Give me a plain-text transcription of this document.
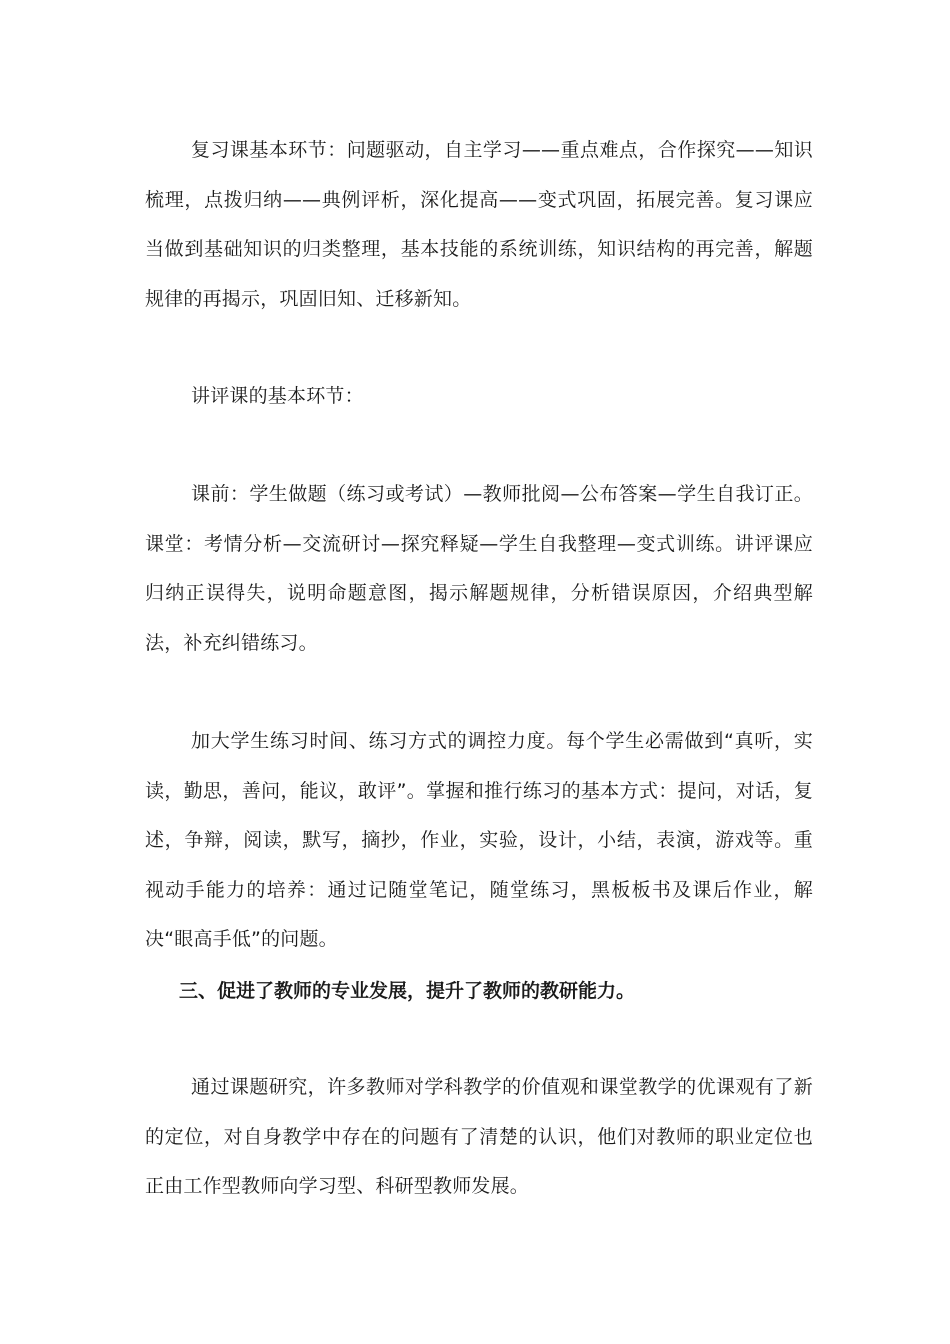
复习课基本环节：问题驱动，自主学习——重点难点，合作探究——知识梳理，点拨归纳——典例评析，深化提高——变式巩固，拓展完善。复习课应当做到基础知识的归类整理，基本技能的系统训练，知识结构的再完善，解题规律的再揭示，巩固旧知、迁移新知。

讲评课的基本环节：

课前：学生做题（练习或考试）—教师批阅—公布答案—学生自我订正。课堂：考情分析—交流研讨—探究释疑—学生自我整理—变式训练。讲评课应归纳正误得失，说明命题意图，揭示解题规律，分析错误原因，介绍典型解法，补充纠错练习。

加大学生练习时间、练习方式的调控力度。每个学生必需做到“真听，实读，勤思，善问，能议，敢评”。掌握和推行练习的基本方式：提问，对话，复述，争辩，阅读，默写，摘抄，作业，实验，设计，小结，表演，游戏等。重视动手能力的培养：通过记随堂笔记，随堂练习，黑板板书及课后作业，解决“眼高手低”的问题。

三、促进了教师的专业发展，提升了教师的教研能力。

通过课题研究，许多教师对学科教学的价值观和课堂教学的优课观有了新的定位，对自身教学中存在的问题有了清楚的认识，他们对教师的职业定位也正由工作型教师向学习型、科研型教师发展。
